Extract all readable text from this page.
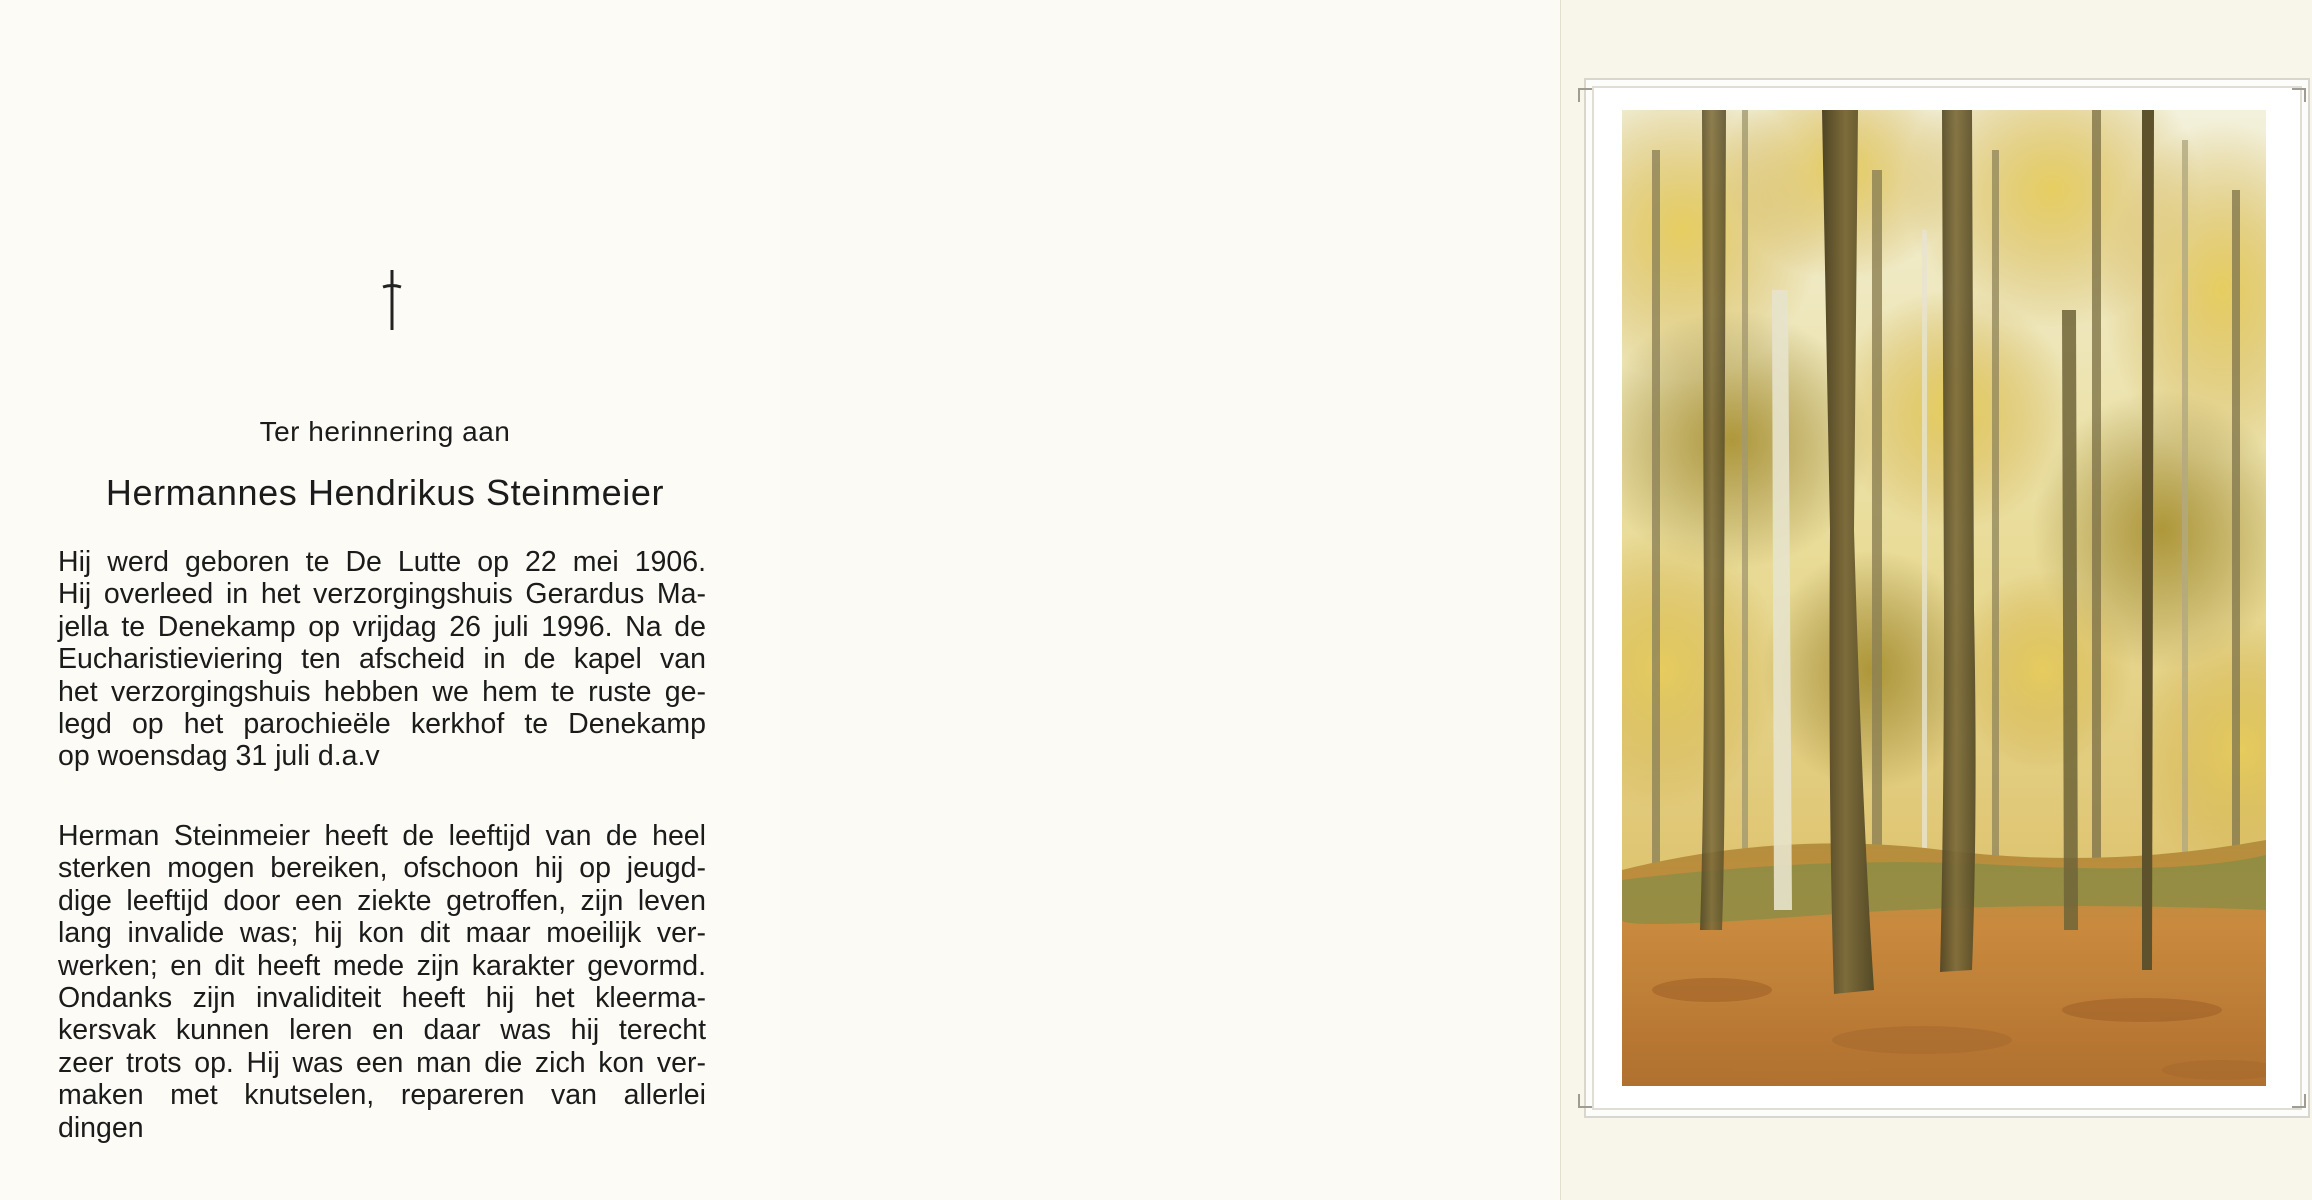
Ter herinnering aan
Hermannes Hendrikus Steinmeier

Hij werd geboren te De Lutte op 22 mei 1906.
Hij overleed in het verzorgingshuis Gerardus Ma-
jella te Denekamp op vrijdag 26 juli 1996. Na de
Eucharistieviering ten afscheid in de kapel van
het verzorgingshuis hebben we hem te ruste ge-
legd op het parochieële kerkhof te Denekamp
op woensdag 31 juli d.a.v

Herman Steinmeier heeft de leeftijd van de heel
sterken mogen bereiken, ofschoon hij op jeugd-
dige leeftijd door een ziekte getroffen, zijn leven
lang invalide was; hij kon dit maar moeilijk ver-
werken; en dit heeft mede zijn karakter gevormd.
Ondanks zijn invaliditeit heeft hij het kleerma-
kersvak kunnen leren en daar was hij terecht
zeer trots op. Hij was een man die zich kon ver-
maken met knutselen, repareren van allerlei
dingen
